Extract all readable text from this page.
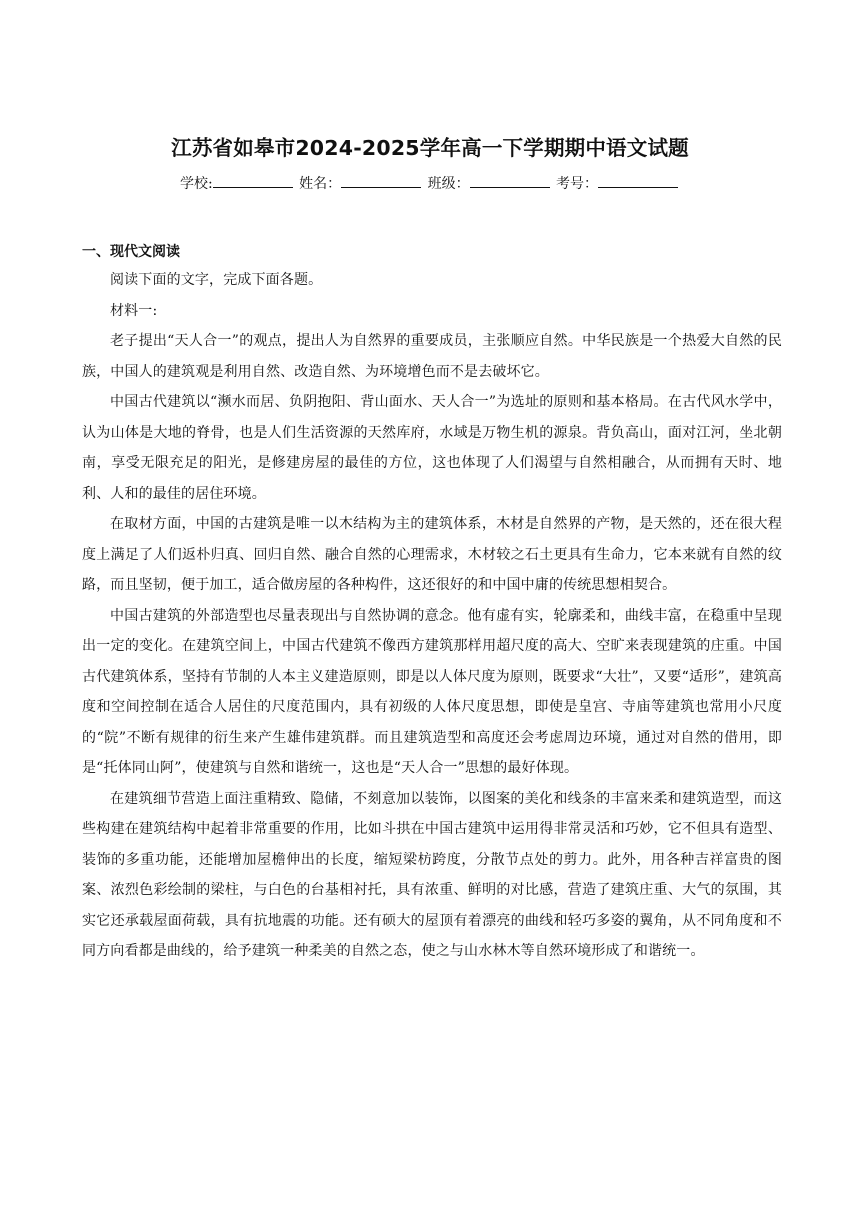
江苏省如皋市2024-2025学年高一下学期期中语文试题
学校:	姓名：	班级：	考号：
一、现代文阅读

阅读下面的文字，完成下面各题。

材料一:

老子提出“天人合一”的观点，提出人为自然界的重要成员，主张顺应自然。中华民族是一个热爱大自然的民族，中国人的建筑观是利用自然、改造自然、为环境增色而不是去破坏它。

中国古代建筑以“濒水而居、负阴抱阳、背山面水、天人合一”为选址的原则和基本格局。在古代风水学中，认为山体是大地的脊骨，也是人们生活资源的天然库府，水域是万物生机的源泉。背负高山，面对江河，坐北朝南，享受无限充足的阳光，是修建房屋的最佳的方位，这也体现了人们渴望与自然相融合，从而拥有天时、地利、人和的最佳的居住环境。

在取材方面，中国的古建筑是唯一以木结构为主的建筑体系，木材是自然界的产物，是天然的，还在很大程度上满足了人们返朴归真、回归自然、融合自然的心理需求，木材较之石土更具有生命力，它本来就有自然的纹路，而且坚韧，便于加工，适合做房屋的各种构件，这还很好的和中国中庸的传统思想相契合。

中国古建筑的外部造型也尽量表现出与自然协调的意念。他有虚有实，轮廓柔和，曲线丰富，在稳重中呈现出一定的变化。在建筑空间上，中国古代建筑不像西方建筑那样用超尺度的高大、空旷来表现建筑的庄重。中国古代建筑体系，坚持有节制的人本主义建造原则，即是以人体尺度为原则，既要求“大壮”，又要“适形”，建筑高度和空间控制在适合人居住的尺度范围内，具有初级的人体尺度思想，即使是皇宫、寺庙等建筑也常用小尺度的“院”不断有规律的衍生来产生雄伟建筑群。而且建筑造型和高度还会考虑周边环境，通过对自然的借用，即是“托体同山阿”，使建筑与自然和谐统一，这也是“天人合一”思想的最好体现。

在建筑细节营造上面注重精致、隐储，不刻意加以装饰，以图案的美化和线条的丰富来柔和建筑造型，而这些构建在建筑结构中起着非常重要的作用，比如斗拱在中国古建筑中运用得非常灵活和巧妙，它不但具有造型、装饰的多重功能，还能增加屋檐伸出的长度，缩短梁枋跨度，分散节点处的剪力。此外，用各种吉祥富贵的图案、浓烈色彩绘制的梁柱，与白色的台基相衬托，具有浓重、鲜明的对比感，营造了建筑庄重、大气的氛围，其实它还承载屋面荷载，具有抗地震的功能。还有硕大的屋顶有着漂亮的曲线和轻巧多姿的翼角，从不同角度和不同方向看都是曲线的，给予建筑一种柔美的自然之态，使之与山水林木等自然环境形成了和谐统一。
